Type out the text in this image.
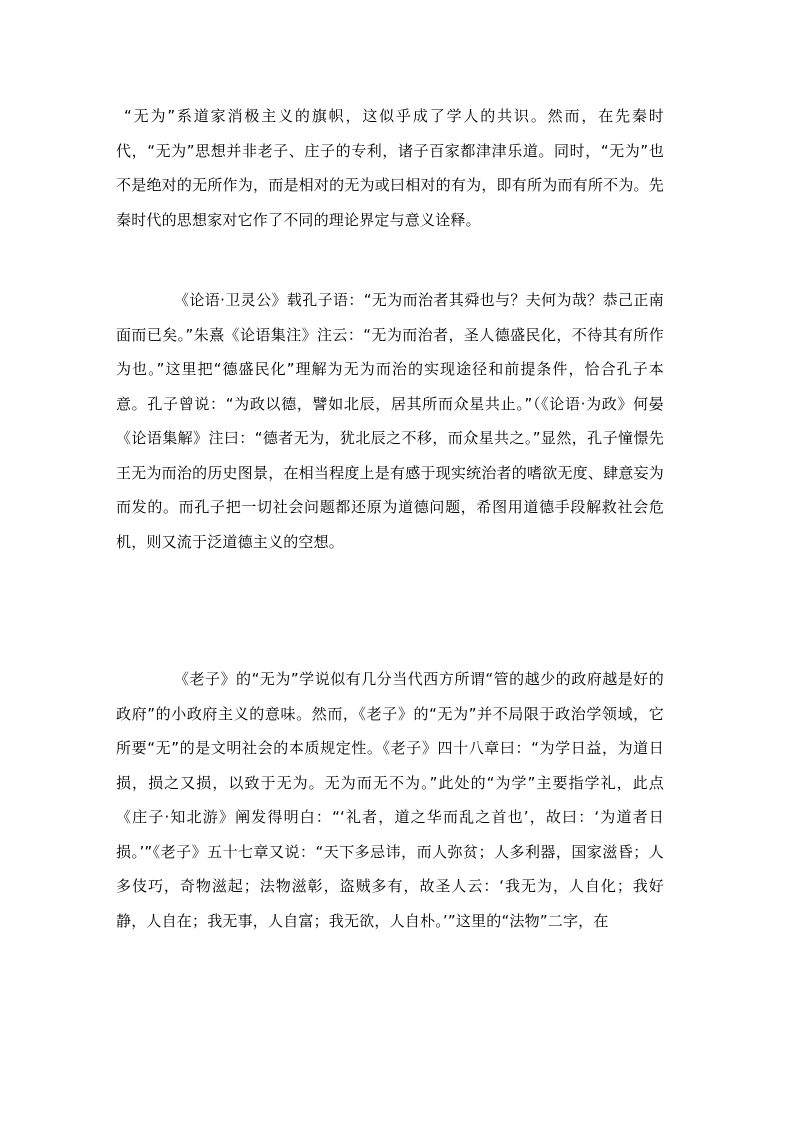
“无为”系道家消极主义的旗帜，这似乎成了学人的共识。然而，在先秦时代，“无为”思想并非老子、庄子的专利，诸子百家都津津乐道。同时，“无为”也不是绝对的无所作为，而是相对的无为或曰相对的有为，即有所为而有所不为。先秦时代的思想家对它作了不同的理论界定与意义诠释。

《论语·卫灵公》载孔子语：“无为而治者其舜也与？夫何为哉？恭己正南面而已矣。”朱熹《论语集注》注云：“无为而治者，圣人德盛民化，不待其有所作为也。”这里把“德盛民化”理解为无为而治的实现途径和前提条件，恰合孔子本意。孔子曾说：“为政以德，譬如北辰，居其所而众星共止。”（《论语·为政》何晏《论语集解》注曰：“德者无为，犹北辰之不移，而众星共之。”显然，孔子憧憬先王无为而治的历史图景，在相当程度上是有感于现实统治者的嗜欲无度、肆意妄为而发的。而孔子把一切社会问题都还原为道德问题，希图用道德手段解救社会危机，则又流于泛道德主义的空想。

《老子》的“无为”学说似有几分当代西方所谓“管的越少的政府越是好的政府”的小政府主义的意味。然而，《老子》的“无为”并不局限于政治学领域，它所要“无”的是文明社会的本质规定性。《老子》四十八章曰：“为学日益，为道日损，损之又损，以致于无为。无为而无不为。”此处的“为学”主要指学礼，此点《庄子·知北游》阐发得明白：“‘礼者，道之华而乱之首也’，故曰：‘为道者日损。’”《老子》五十七章又说：“天下多忌讳，而人弥贫；人多利器，国家滋昏；人多伎巧，奇物滋起；法物滋彰，盗贼多有，故圣人云：‘我无为，人自化；我好静，人自在；我无事，人自富；我无欲，人自朴。’”这里的“法物”二字，在
